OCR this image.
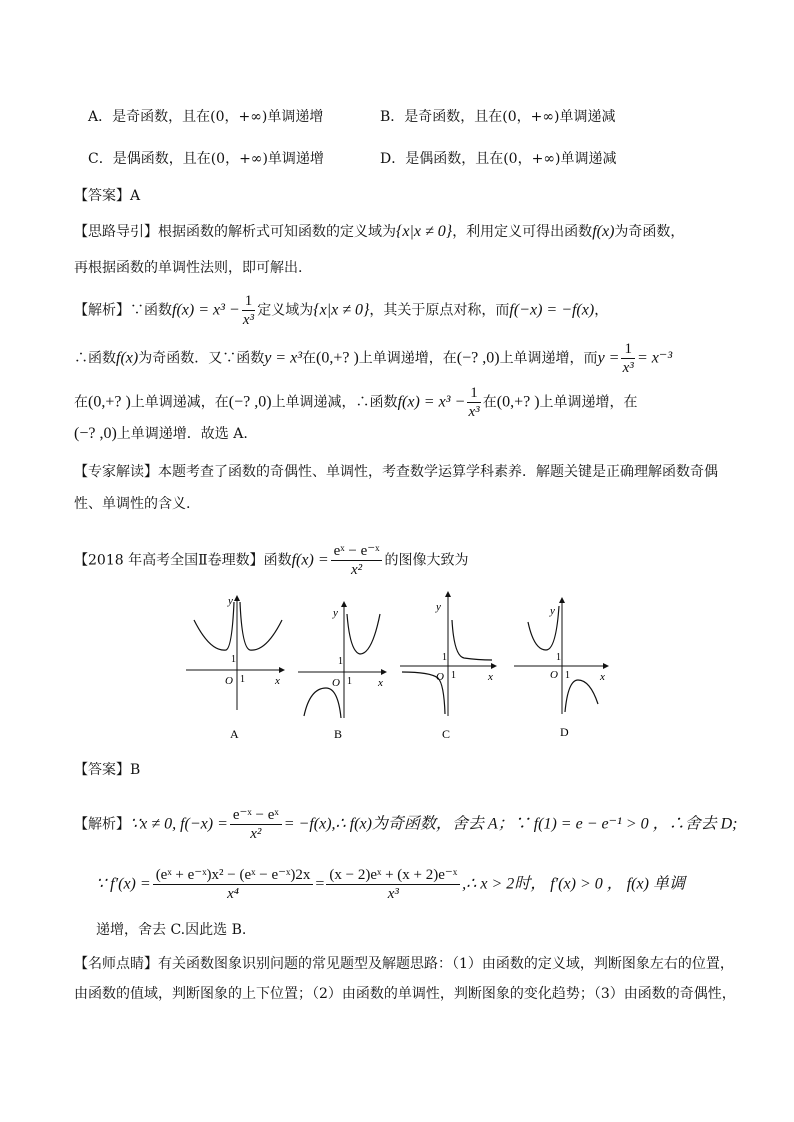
A．是奇函数，且在(0，+∞)单调递增	B．是奇函数，且在(0，+∞)单调递减
C．是偶函数，且在(0，+∞)单调递增	D．是偶函数，且在(0，+∞)单调递减
【答案】A
【思路导引】根据函数的解析式可知函数的定义域为{x|x ≠ 0}，利用定义可得出函数f(x)为奇函数，
再根据函数的单调性法则，即可解出.
【解析】∵函数$f(x) = x^3 - \frac{1}{\text{x³}}$ 定义域为{x|x ≠ 0}，其关于原点对称，而f(−x) = −f(x)，
∴函数f(x)为奇函数．又∵函数y = x³在(0,+? )上单调递增，在(−? ,0)上单调递增，而$y = \frac{1}{\text{x³}} = x^{-3}$
在(0,+? )上单调递减，在(−? ,0)上单调递减，∴函数$f(x) = x^3 - \frac{1}{\text{x³}}$ 在(0,+? )上单调递增，在
(−? ,0)上单调递增．故选 A.
【专家解读】本题考查了函数的奇偶性、单调性，考查数学运算学科素养．解题关键是正确理解函数奇偶
性、单调性的含义.
【2018 年高考全国Ⅱ卷理数】函数$f(x) = \frac{\text{eˣ − e⁻ˣ}}{\text{x²}}$ 的图像大致为
1
1
O	x
y
A
1
1
O	x
y
B
1
1
O	x
y
C
1
1
O	x
y
D
【答案】B
【解析】∵x ≠ 0, $f(-x) = \frac{\text{e⁻ˣ − eˣ}}{\text{x²}}$ = −f(x),∴ f(x)为奇函数，舍去 A；∵ f(1) = e − e⁻¹ > 0 ，∴舍去 D;
∵ $f'(x) = \frac{\text{(eˣ + e⁻ˣ)x² − (eˣ − e⁻ˣ)2x}}{\text{x⁴}} = \frac{\text{(x − 2)eˣ + (x + 2)e⁻ˣ}}{\text{x³}}$ ,∴ x > 2时， f′(x) > 0 ， f(x) 单调
递增，舍去 C.因此选 B.
【名师点睛】有关函数图象识别问题的常见题型及解题思路：（1）由函数的定义域，判断图象左右的位置，
由函数的值域，判断图象的上下位置；（2）由函数的单调性，判断图象的变化趋势；（3）由函数的奇偶性，
